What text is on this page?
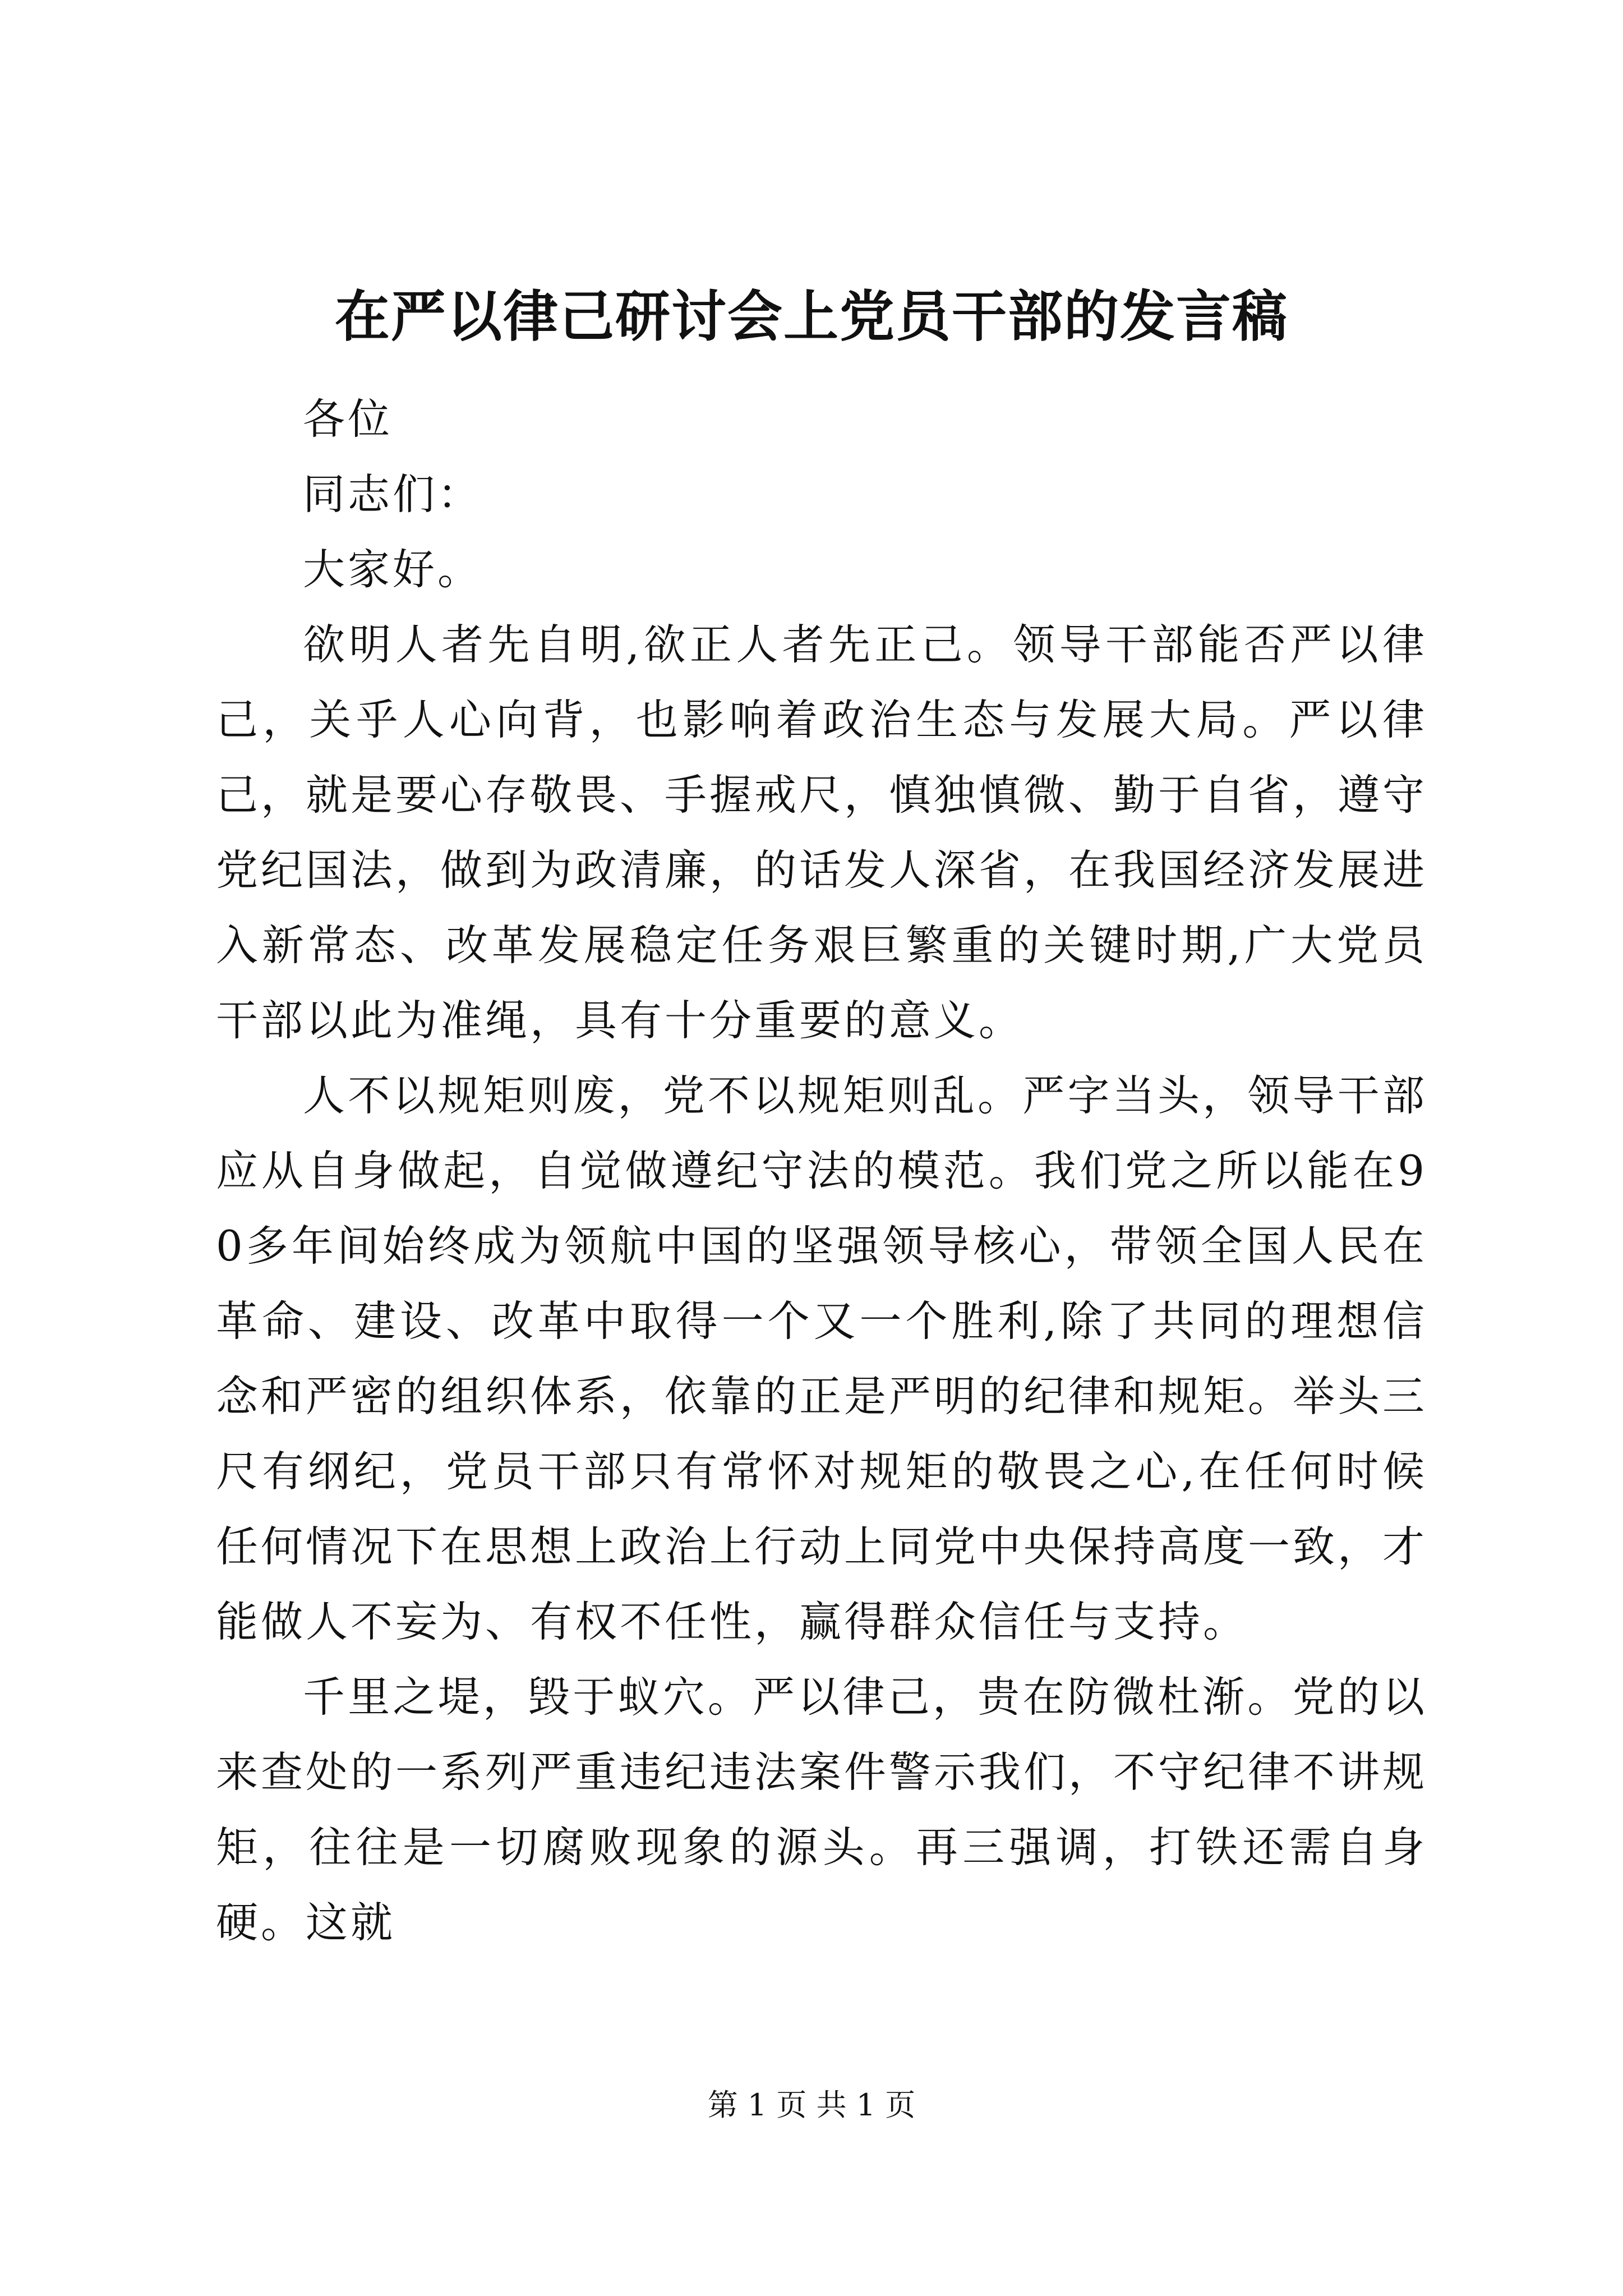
在严以律己研讨会上党员干部的发言稿

各位

同志们：

大家好。

欲明人者先自明,欲正人者先正己。领导干部能否严以律己，关乎人心向背，也影响着政治生态与发展大局。严以律己，就是要心存敬畏、手握戒尺，慎独慎微、勤于自省，遵守党纪国法，做到为政清廉，的话发人深省，在我国经济发展进入新常态、改革发展稳定任务艰巨繁重的关键时期,广大党员干部以此为准绳，具有十分重要的意义。

人不以规矩则废，党不以规矩则乱。严字当头，领导干部应从自身做起，自觉做遵纪守法的模范。我们党之所以能在90多年间始终成为领航中国的坚强领导核心，带领全国人民在革命、建设、改革中取得一个又一个胜利,除了共同的理想信念和严密的组织体系，依靠的正是严明的纪律和规矩。举头三尺有纲纪，党员干部只有常怀对规矩的敬畏之心,在任何时候任何情况下在思想上政治上行动上同党中央保持高度一致，才能做人不妄为、有权不任性，赢得群众信任与支持。

千里之堤，毁于蚁穴。严以律己，贵在防微杜渐。党的以来查处的一系列严重违纪违法案件警示我们，不守纪律不讲规矩，往往是一切腐败现象的源头。再三强调，打铁还需自身硬。这就

第 1 页 共 1 页
